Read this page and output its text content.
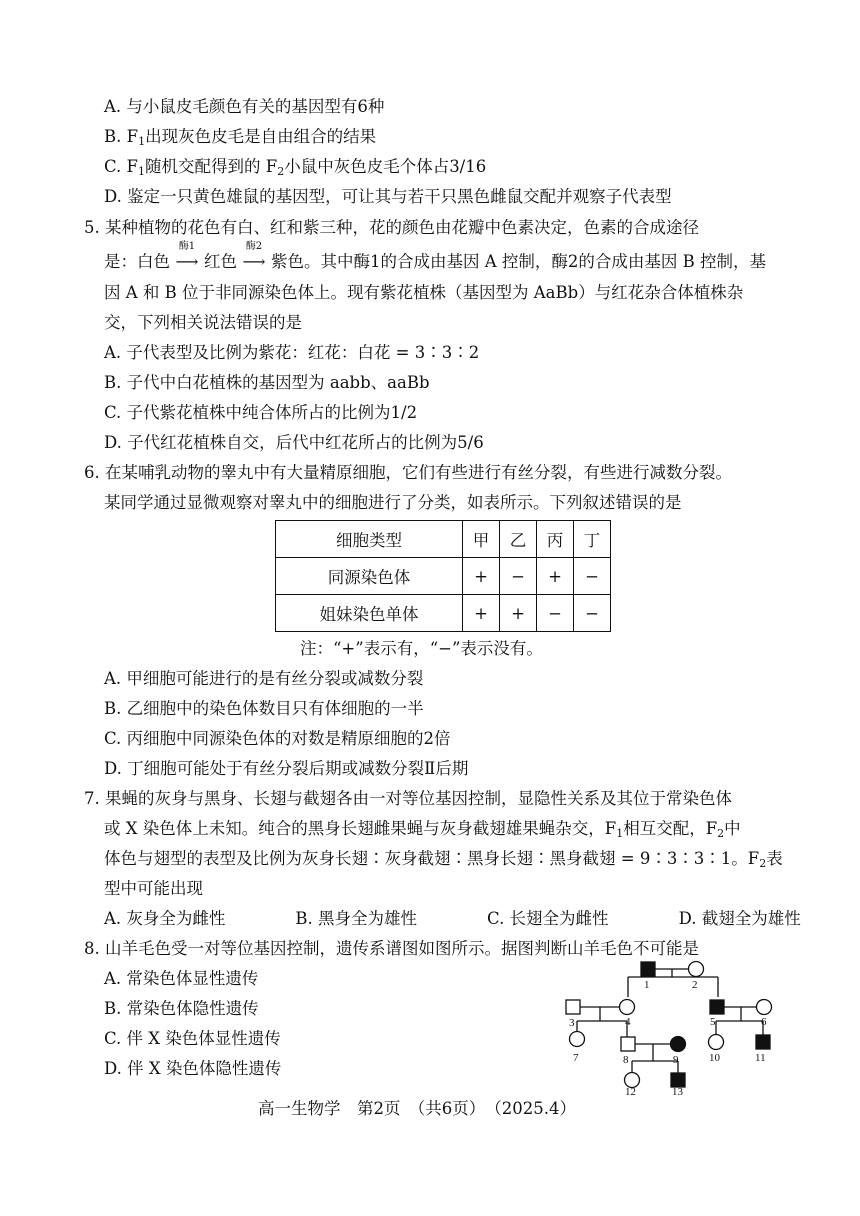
A. 与小鼠皮毛颜色有关的基因型有6种
B. $F_1$出现灰色皮毛是自由组合的结果
C. $F_1$随机交配得到的 $F_2$小鼠中灰色皮毛个体占3/16
D. 鉴定一只黄色雄鼠的基因型，可让其与若干只黑色雌鼠交配并观察子代表型
5. 某种植物的花色有白、红和紫三种，花的颜色由花瓣中色素决定，色素的合成途径
是：白色
酶1
⟶ 红色
酶2
⟶ 紫色。其中酶1的合成由基因 A 控制，酶2的合成由基因 B 控制，基
因 A 和 B 位于非同源染色体上。现有紫花植株（基因型为 AaBb）与红花杂合体植株杂
交，下列相关说法错误的是
A. 子代表型及比例为紫花：红花：白花 = 3∶3∶2
B. 子代中白花植株的基因型为 aabb、aaBb
C. 子代紫花植株中纯合体所占的比例为1/2
D. 子代红花植株自交，后代中红花所占的比例为5/6
6. 在某哺乳动物的睾丸中有大量精原细胞，它们有些进行有丝分裂，有些进行减数分裂。
某同学通过显微观察对睾丸中的细胞进行了分类，如表所示。下列叙述错误的是
细胞类型	甲	乙	丙	丁
同源染色体	+	−	+	−
姐妹染色单体	+	+	−	−
注：“+”表示有，“−”表示没有。
A. 甲细胞可能进行的是有丝分裂或减数分裂
B. 乙细胞中的染色体数目只有体细胞的一半
C. 丙细胞中同源染色体的对数是精原细胞的2倍
D. 丁细胞可能处于有丝分裂后期或减数分裂Ⅱ后期
7. 果蝇的灰身与黑身、长翅与截翅各由一对等位基因控制，显隐性关系及其位于常染色体
或 X 染色体上未知。纯合的黑身长翅雌果蝇与灰身截翅雄果蝇杂交，$F_1$相互交配，$F_2$中
体色与翅型的表型及比例为灰身长翅∶灰身截翅∶黑身长翅∶黑身截翅 = 9∶3∶3∶1。$F_2$表
型中可能出现
A. 灰身全为雌性	B. 黑身全为雄性	C. 长翅全为雌性	D. 截翅全为雄性
8. 山羊毛色受一对等位基因控制，遗传系谱图如图所示。据图判断山羊毛色不可能是
A. 常染色体显性遗传
B. 常染色体隐性遗传
C. 伴 X 染色体显性遗传
D. 伴 X 染色体隐性遗传
1	2
3	4	5	6
7	8	9	10	11
12	13
高一生物学　第2页　（共6页）　（2025.4）
